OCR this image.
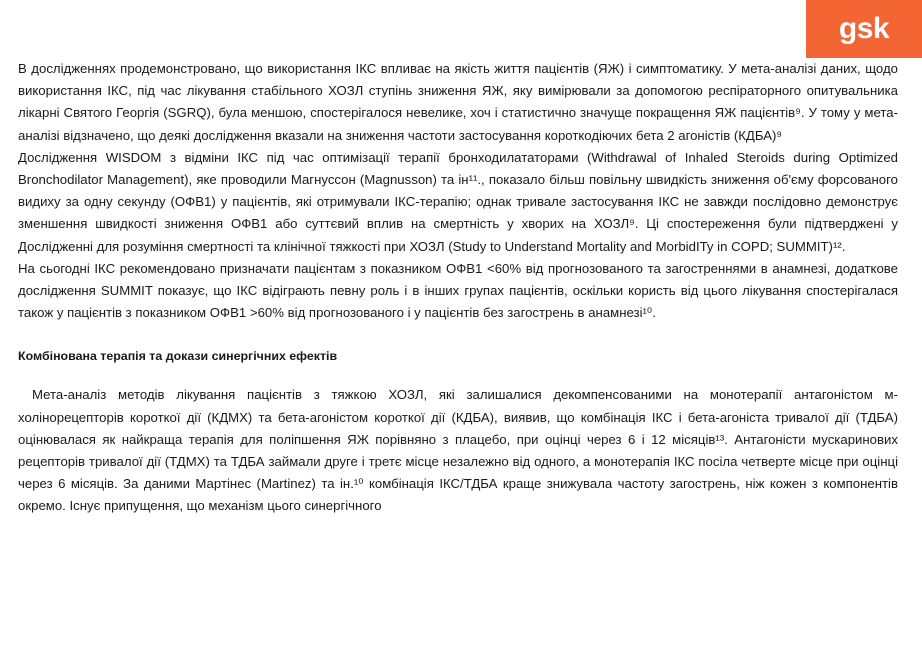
gsk

В дослідженнях продемонстровано, що використання ІКС впливає на якість життя пацієнтів (ЯЖ) і симптоматику. У мета-аналізі даних, щодо використання ІКС, під час лікування стабільного ХОЗЛ ступінь зниження ЯЖ, яку вимірювали за допомогою респіраторного опитувальника лікарні Святого Георгія (SGRQ), була меншою, спостерігалося невелике, хоч і статистично значуще покращення ЯЖ пацієнтів⁹. У тому у мета-аналізі відзначено, що деякі дослідження вказали на зниження частоти застосування короткодіючих бета 2 агоністів (КДБА)⁹

Дослідження WISDOM з відміни ІКС під час оптимізації терапії бронходилататорами (Withdrawal of Inhaled Steroids during Optimized Bronchodilator Management), яке проводили Магнуссон (Magnusson) та ін¹¹., показало більш повільну швидкість зниження об'єму форсованого видиху за одну секунду (ОФВ1) у пацієнтів, які отримували ІКС-терапію; однак тривале застосування ІКС не завжди послідовно демонструє зменшення швидкості зниження ОФВ1 або суттєвий вплив на смертність у хворих на ХОЗЛ⁹. Ці спостереження були підтверджені у Дослідженні для розуміння смертності та клінічної тяжкості при ХОЗЛ (Study to Understand Mortality and MorbidITy in COPD; SUMMIT)¹².

На сьогодні ІКС рекомендовано призначати пацієнтам з показником ОФВ1 <60% від прогнозованого та загостреннями в анамнезі, додаткове дослідження SUMMIT показує, що ІКС відіграють певну роль і в інших групах пацієнтів, оскільки користь від цього лікування спостерігалася також у пацієнтів з показником ОФВ1 >60% від прогнозованого і у пацієнтів без загострень в анамнезі¹⁰.

Комбінована терапія та докази синергічних ефектів

Мета-аналіз методів лікування пацієнтів з тяжкою ХОЗЛ, які залишалися декомпенсованими на монотерапії антагоністом м-холінорецепторів короткої дії (КДМХ) та бета-агоністом короткої дії (КДБА), виявив, що комбінація ІКС і бета-агоніста тривалої дії (ТДБА) оцінювалася як найкраща терапія для поліпшення ЯЖ порівняно з плацебо, при оцінці через 6 і 12 місяців¹³. Антагоністи мускаринових рецепторів тривалої дії (ТДМХ) та ТДБА займали друге і третє місце незалежно від одного, а монотерапія ІКС посіла четверте місце при оцінці через 6 місяців. За даними Мартінес (Martinez) та ін.¹⁰ комбінація ІКС/ТДБА краще знижувала частоту загострень, ніж кожен з компонентів окремо. Існує припущення, що механізм цього синергічного
